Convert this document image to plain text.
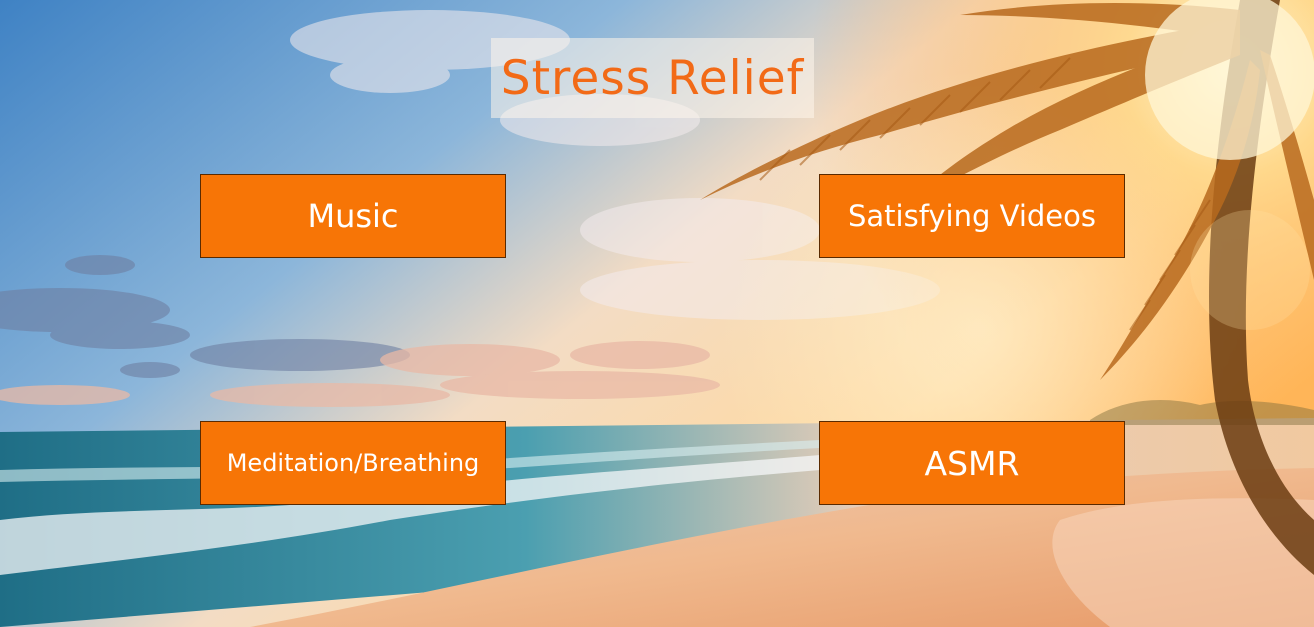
Stress Relief
Music	Satisfying Videos
Meditation/Breathing	ASMR
